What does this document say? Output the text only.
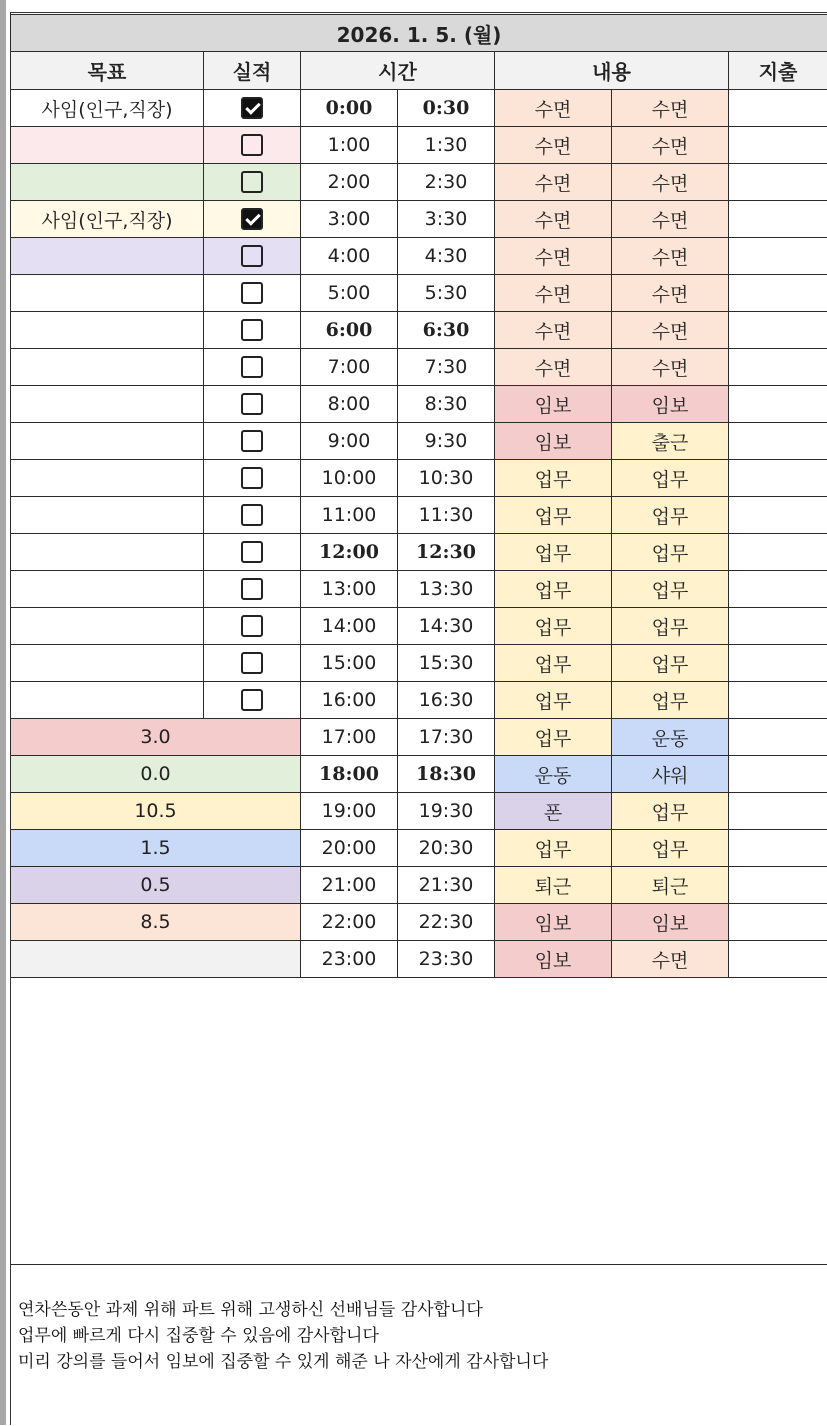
2026. 1. 5. (월)						
목표	실적	시간		내용		지출
사임(인구,직장)		0:00	0:30	수면	수면	
		1:00	1:30	수면	수면	
		2:00	2:30	수면	수면	
사임(인구,직장)		3:00	3:30	수면	수면	
		4:00	4:30	수면	수면	
		5:00	5:30	수면	수면	
		6:00	6:30	수면	수면	
		7:00	7:30	수면	수면	
		8:00	8:30	임보	임보	
		9:00	9:30	임보	출근	
		10:00	10:30	업무	업무	
		11:00	11:30	업무	업무	
		12:00	12:30	업무	업무	
		13:00	13:30	업무	업무	
		14:00	14:30	업무	업무	
		15:00	15:30	업무	업무	
		16:00	16:30	업무	업무	
3.0		17:00	17:30	업무	운동	
0.0		18:00	18:30	운동	샤워	
10.5		19:00	19:30	폰	업무	
1.5		20:00	20:30	업무	업무	
0.5		21:00	21:30	퇴근	퇴근	
8.5		22:00	22:30	임보	임보	
		23:00	23:30	임보	수면	
연차쓴동안 과제 위해 파트 위해 고생하신 선배님들 감사합니다
업무에 빠르게 다시 집중할 수 있음에 감사합니다
미리 강의를 들어서 임보에 집중할 수 있게 해준 나 자산에게 감사합니다
